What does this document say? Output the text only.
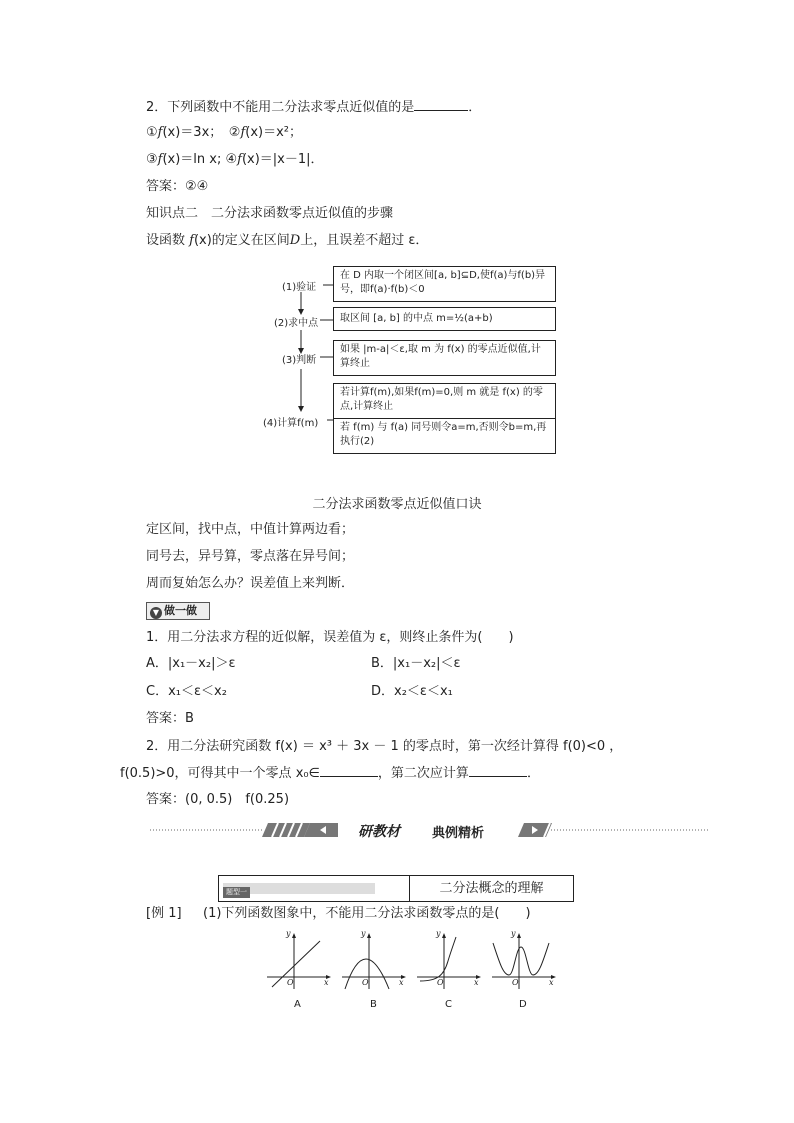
2．下列函数中不能用二分法求零点近似值的是	．
①f(x)＝3x；　②f(x)＝x²；
③f(x)＝ln x; ④f(x)＝|x－1|．
答案：②④
知识点二　二分法求函数零点近似值的步骤
设函数 f(x)的定义在区间D上，且误差不超过 ε．
(1)验证
在 D 内取一个闭区间[a, b]⊆D,使f(a)与f(b)异号，即f(a)·f(b)＜0
(2)求中点	取区间 [a, b] 的中点 m=½(a+b)
(3)判断
如果 |m-a|＜ε,取 m 为 f(x) 的零点近似值,计算终止
(4)计算f(m)
若计算f(m),如果f(m)=0,则 m 就是 f(x) 的零点,计算终止
若 f(m) 与 f(a) 同号则令a=m,否则令b=m,再执行(2)
二分法求函数零点近似值口诀
定区间，找中点，中值计算两边看；
同号去，异号算，零点落在异号间；
周而复始怎么办？误差值上来判断．
▼ 做一做
1．用二分法求方程的近似解，误差值为 ε，则终止条件为(　　)
A．|x₁－x₂|＞ε	B．|x₁－x₂|＜ε
C．x₁＜ε＜x₂	D．x₂＜ε＜x₁
答案：B
2．用二分法研究函数 f(x) ＝ x³ ＋ 3x － 1 的零点时，第一次经计算得 f(0)<0 ，
f(0.5)>0，可得其中一个零点 x₀∈	，第二次应计算	．
答案：(0, 0.5)　f(0.25)
研教材 典例精析
题型一	二分法概念的理解
[例 1] (1)下列函数图象中，不能用二分法求函数零点的是(　　)
y
x
O
A
y
x
O
B
y
x
O
C
y
x
O
D
